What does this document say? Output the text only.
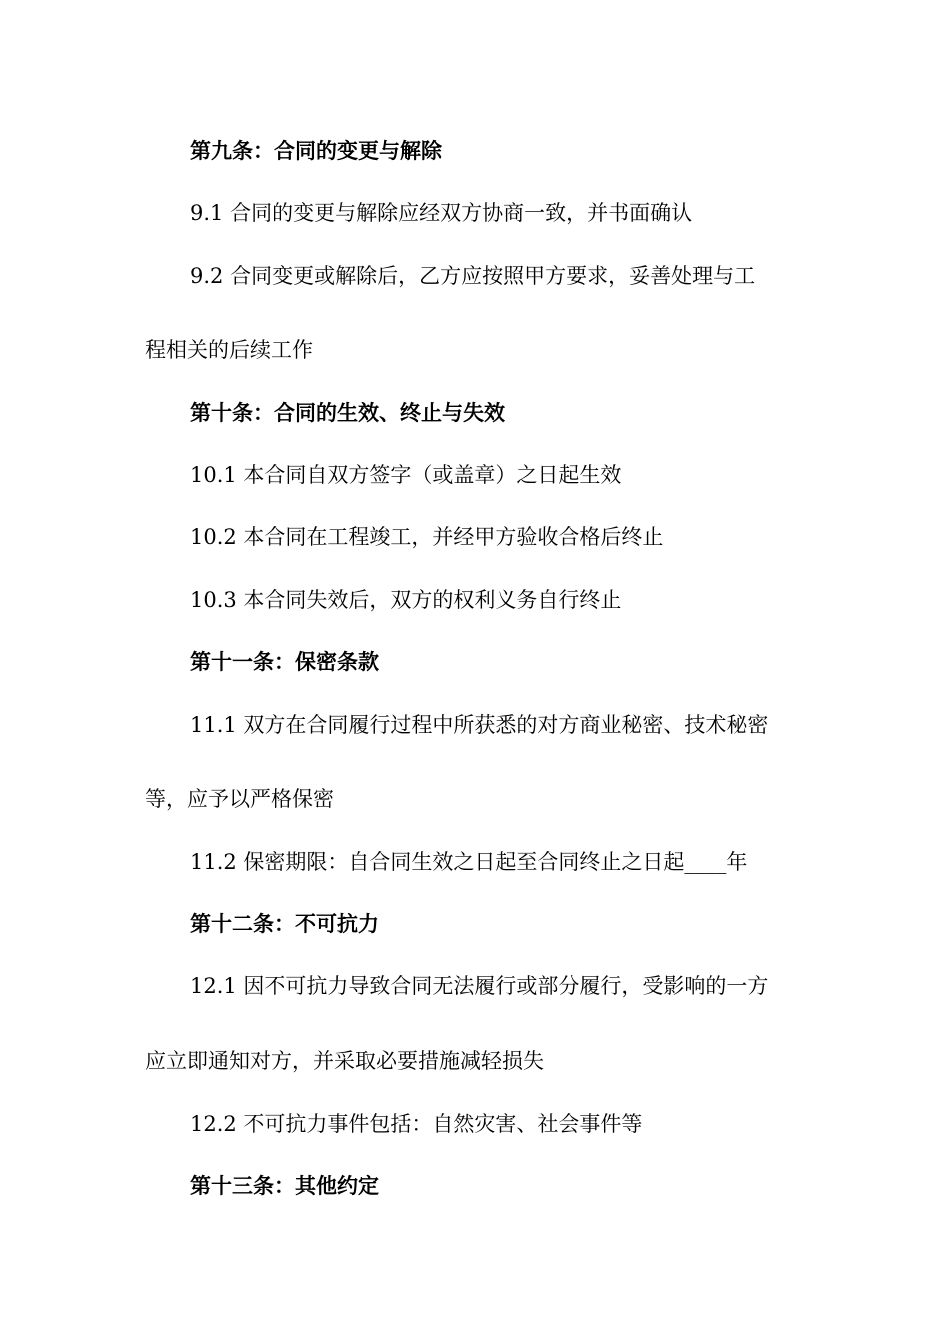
第九条：合同的变更与解除
9.1 合同的变更与解除应经双方协商一致，并书面确认
9.2 合同变更或解除后，乙方应按照甲方要求，妥善处理与工
程相关的后续工作
第十条：合同的生效、终止与失效
10.1 本合同自双方签字（或盖章）之日起生效
10.2 本合同在工程竣工，并经甲方验收合格后终止
10.3 本合同失效后，双方的权利义务自行终止
第十一条：保密条款
11.1 双方在合同履行过程中所获悉的对方商业秘密、技术秘密
等，应予以严格保密
11.2 保密期限：自合同生效之日起至合同终止之日起____年
第十二条：不可抗力
12.1 因不可抗力导致合同无法履行或部分履行，受影响的一方
应立即通知对方，并采取必要措施减轻损失
12.2 不可抗力事件包括：自然灾害、社会事件等
第十三条：其他约定
